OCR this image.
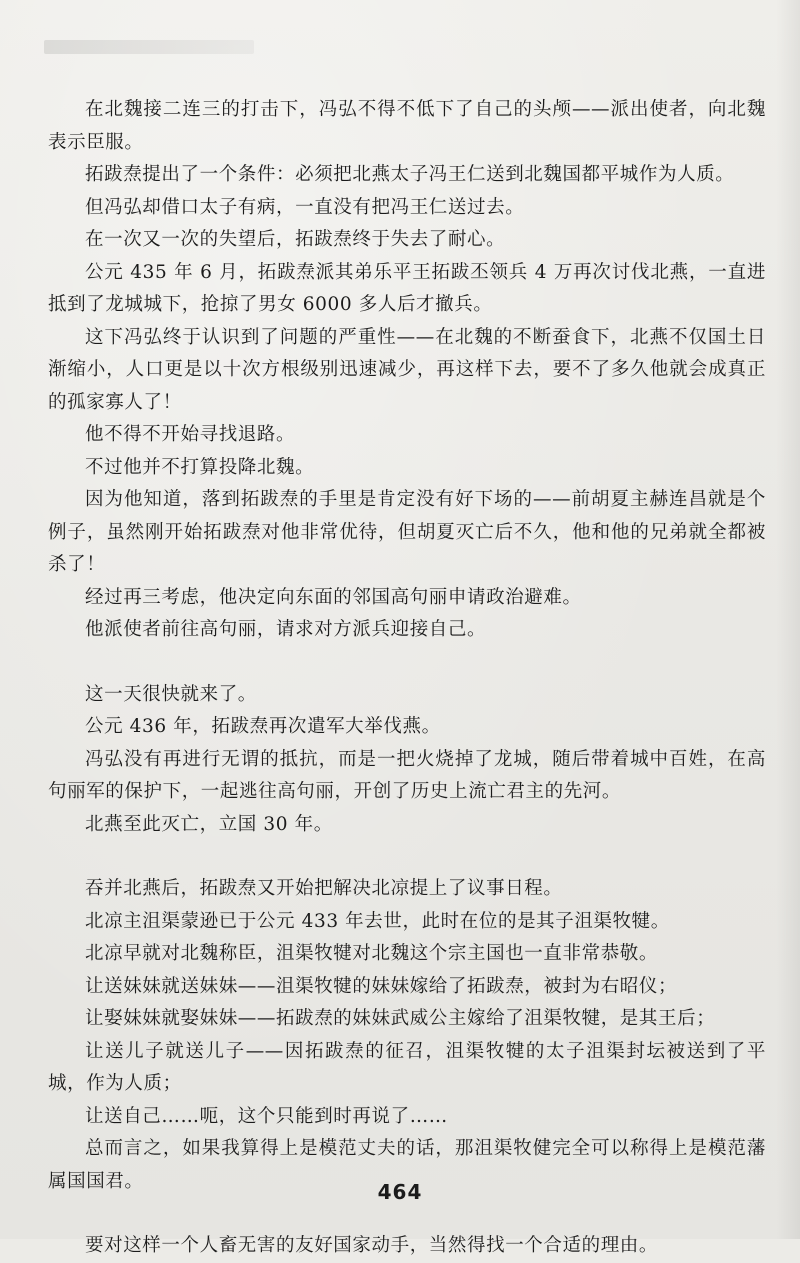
在北魏接二连三的打击下，冯弘不得不低下了自己的头颅——派出使者，向北魏表示臣服。

拓跋焘提出了一个条件：必须把北燕太子冯王仁送到北魏国都平城作为人质。

但冯弘却借口太子有病，一直没有把冯王仁送过去。

在一次又一次的失望后，拓跋焘终于失去了耐心。

公元 435 年 6 月，拓跋焘派其弟乐平王拓跋丕领兵 4 万再次讨伐北燕，一直进抵到了龙城城下，抢掠了男女 6000 多人后才撤兵。

这下冯弘终于认识到了问题的严重性——在北魏的不断蚕食下，北燕不仅国土日渐缩小，人口更是以十次方根级别迅速减少，再这样下去，要不了多久他就会成真正的孤家寡人了！

他不得不开始寻找退路。

不过他并不打算投降北魏。

因为他知道，落到拓跋焘的手里是肯定没有好下场的——前胡夏主赫连昌就是个例子，虽然刚开始拓跋焘对他非常优待，但胡夏灭亡后不久，他和他的兄弟就全都被杀了！

经过再三考虑，他决定向东面的邻国高句丽申请政治避难。

他派使者前往高句丽，请求对方派兵迎接自己。

这一天很快就来了。

公元 436 年，拓跋焘再次遣军大举伐燕。

冯弘没有再进行无谓的抵抗，而是一把火烧掉了龙城，随后带着城中百姓，在高句丽军的保护下，一起逃往高句丽，开创了历史上流亡君主的先河。

北燕至此灭亡，立国 30 年。

吞并北燕后，拓跋焘又开始把解决北凉提上了议事日程。

北凉主沮渠蒙逊已于公元 433 年去世，此时在位的是其子沮渠牧犍。

北凉早就对北魏称臣，沮渠牧犍对北魏这个宗主国也一直非常恭敬。

让送妹妹就送妹妹——沮渠牧犍的妹妹嫁给了拓跋焘，被封为右昭仪；

让娶妹妹就娶妹妹——拓跋焘的妹妹武威公主嫁给了沮渠牧犍，是其王后；

让送儿子就送儿子——因拓跋焘的征召，沮渠牧犍的太子沮渠封坛被送到了平城，作为人质；

让送自己……呃，这个只能到时再说了……

总而言之，如果我算得上是模范丈夫的话，那沮渠牧健完全可以称得上是模范藩属国国君。

要对这样一个人畜无害的友好国家动手，当然得找一个合适的理由。

464
